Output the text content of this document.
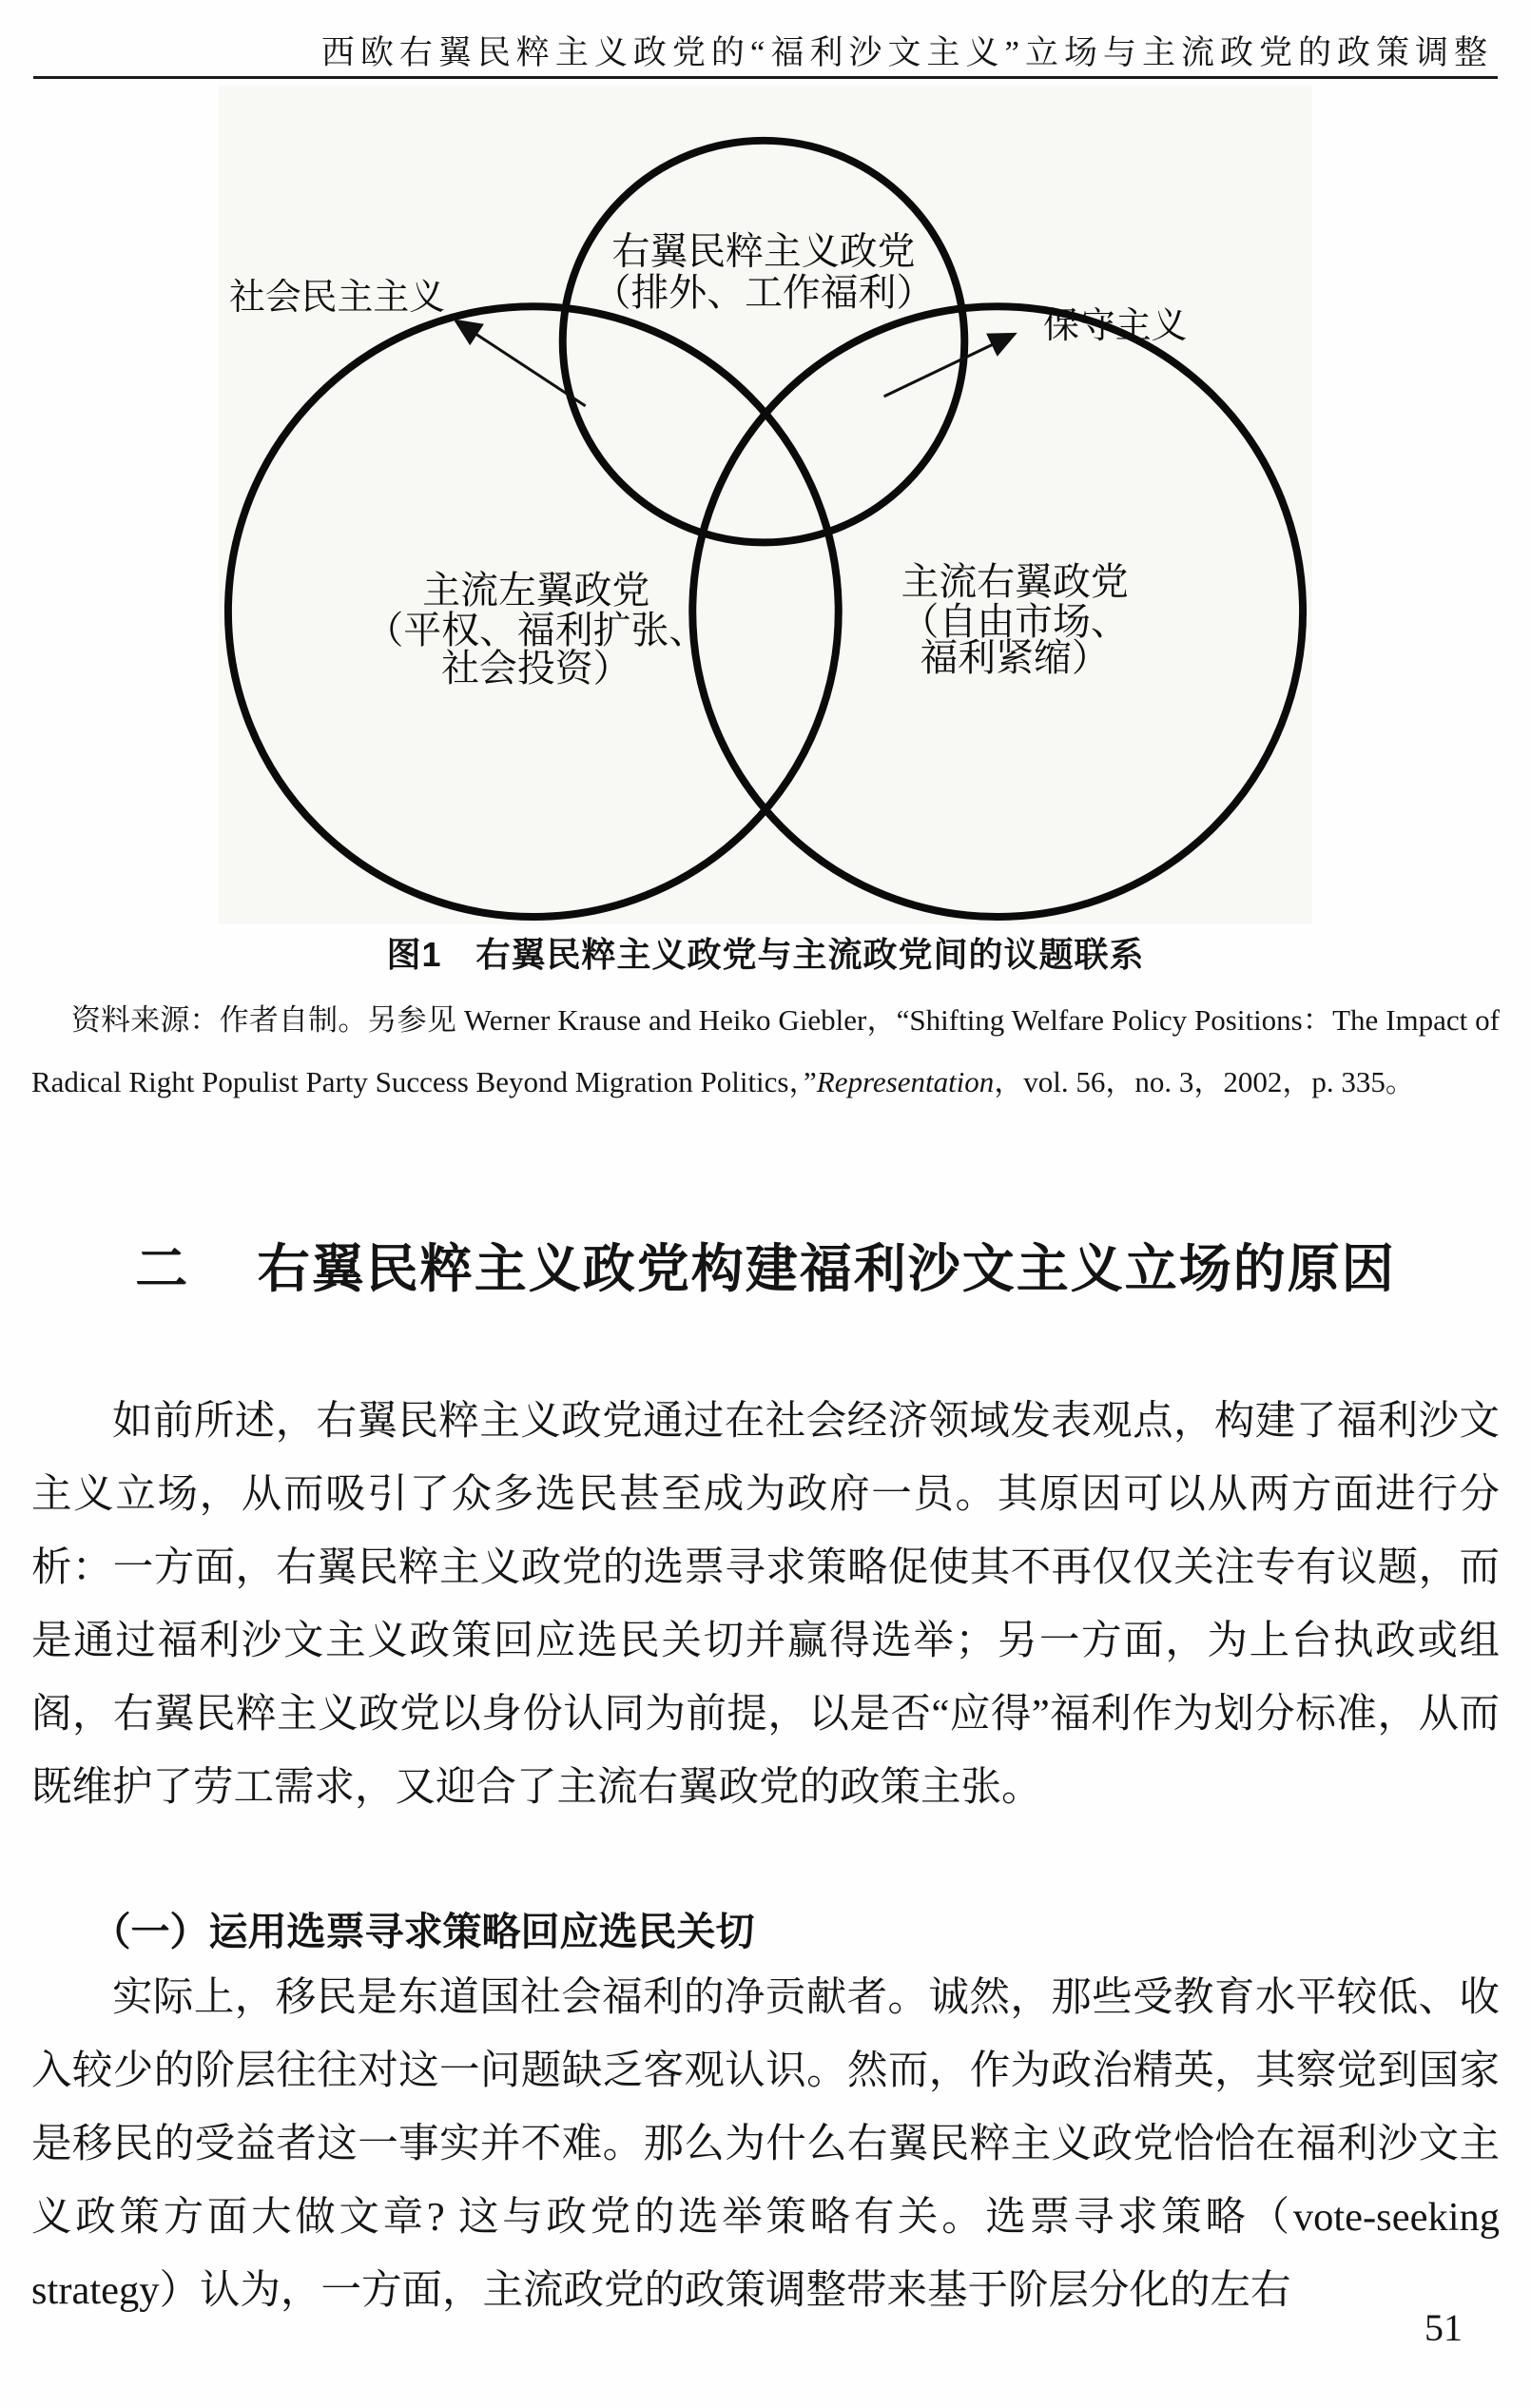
西欧右翼民粹主义政党的“福利沙文主义”立场与主流政党的政策调整
社会民主主义
保守主义
右翼民粹主义政党
（排外、工作福利）
主流左翼政党
（平权、福利扩张、
社会投资）
主流右翼政党
（自由市场、
福利紧缩）
图1 右翼民粹主义政党与主流政党间的议题联系

资料来源：作者自制。另参见 Werner Krause and Heiko Giebler，“Shifting Welfare Policy Positions：The Impact of Radical Right Populist Party Success Beyond Migration Politics，”Representation，vol. 56，no. 3，2002，p. 335。

二 右翼民粹主义政党构建福利沙文主义立场的原因

如前所述，右翼民粹主义政党通过在社会经济领域发表观点，构建了福利沙文主义立场，从而吸引了众多选民甚至成为政府一员。其原因可以从两方面进行分析：一方面，右翼民粹主义政党的选票寻求策略促使其不再仅仅关注专有议题，而是通过福利沙文主义政策回应选民关切并赢得选举；另一方面，为上台执政或组阁，右翼民粹主义政党以身份认同为前提，以是否“应得”福利作为划分标准，从而既维护了劳工需求，又迎合了主流右翼政党的政策主张。

（一）运用选票寻求策略回应选民关切

实际上，移民是东道国社会福利的净贡献者。诚然，那些受教育水平较低、收入较少的阶层往往对这一问题缺乏客观认识。然而，作为政治精英，其察觉到国家是移民的受益者这一事实并不难。那么为什么右翼民粹主义政党恰恰在福利沙文主义政策方面大做文章? 这与政党的选举策略有关。选票寻求策略（vote-seeking strategy）认为，一方面，主流政党的政策调整带来基于阶层分化的左右

51
